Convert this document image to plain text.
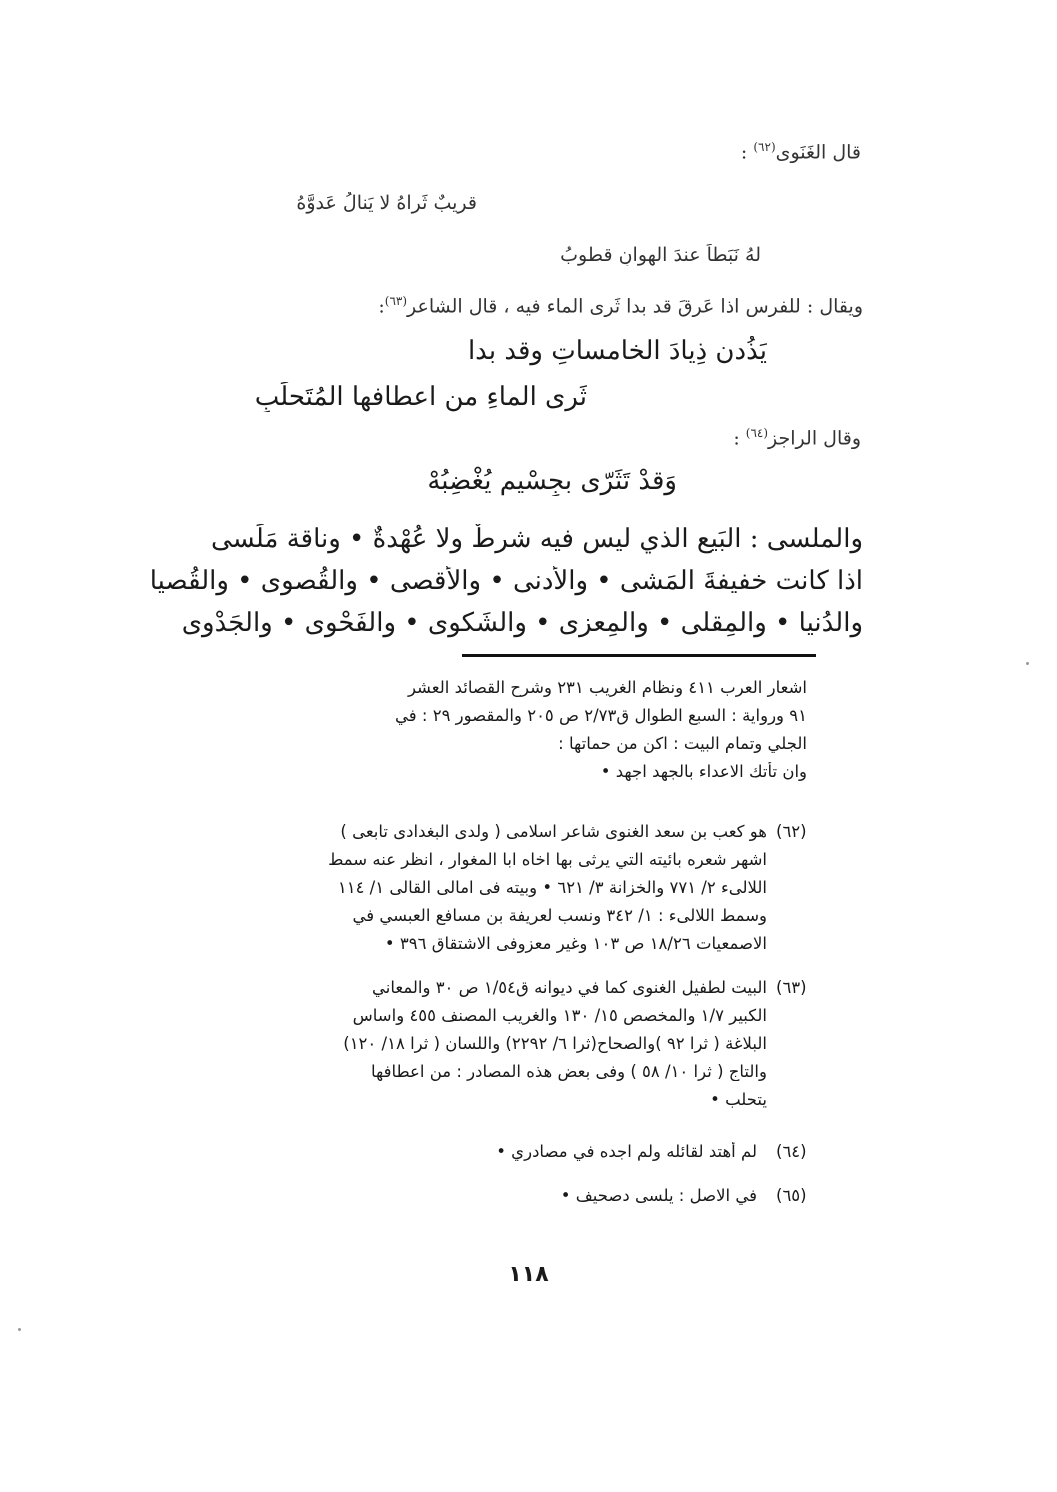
قال الغَنَوى$^{(٦٢)}$ :
قريبٌ ثَراهُ لا يَنالُ عَدوَّهُ
لهُ نَبَطاً عندَ الهوانِ قطوبُ
ويقال : للفرس اذا عَرِقَ قد بدا ثَرى الماء فيه ، قال الشاعر$^{(٦٣)}$:
يَذُدن ذِيادَ الخامساتِ وقد بدا
ثَرى الماءِ من اعطافها المُتَحلِّبِ
وقال الراجز$^{(٦٤)}$ :
وَقدْ تَثَرّى بجِسْيمٍ يُغْضِبُهْ
والملسى : البَيع الذي ليس فيه شرطٌ ولا عُهْدةٌ • وناقة مَلَسى
اذا كانت خفيفةَ المَشى • والأَدنى • والأقصى • والقُصوى • والقُصيا
والدُنيا • والمِقلى • والمِعزى • والشَكوى • والفَحْوى • والجَدْوى
اشعار العرب ٤١١ ونظام الغريب ٢٣١ وشرح القصائد العشر
٩١ ورواية : السبع الطوال ق٢/٧٣ ص ٢٠٥ والمقصور ٢٩ : في
الجلي وتمام البيت : اكن من حماتها :
وان تأتك الاعداء بالجهد اجهد •
(٦٢)
هو كعب بن سعد الغنوى شاعر اسلامى ( ولدى البغدادى تابعى )
اشهر شعره بائيته التي يرثى بها اخاه ابا المغوار ، انظر عنه سمط
اللالىء ٢/ ٧٧١ والخزانة ٣/ ٦٢١ • وبيته فى امالى القالى ١/ ١١٤
وسمط اللالىء : ١/ ٣٤٢ ونسب لعريفة بن مسافع العبسي في
الاصمعيات ١٨/٢٦ ص ١٠٣ وغير معزوفى الاشتقاق ٣٩٦ •
(٦٣)
البيت لطفيل الغنوى كما في ديوانه ق١/٥٤ ص ٣٠ والمعاني
الكبير ١/٧ والمخصص ١٥/ ١٣٠ والغريب المصنف ٤٥٥ واساس
البلاغة ( ثرا ٩٢ )والصحاح(ثرا ٦/ ٢٢٩٢) واللسان ( ثرا ١٨/ ١٢٠)
والتاج ( ثرا ١٠/ ٥٨ ) وفى بعض هذه المصادر : من اعطافها
يتحلب •
(٦٤)
لم أهتد لقائله ولم اجده في مصادري •
(٦٥)
في الاصل : يلسى دصحيف •
١١٨
